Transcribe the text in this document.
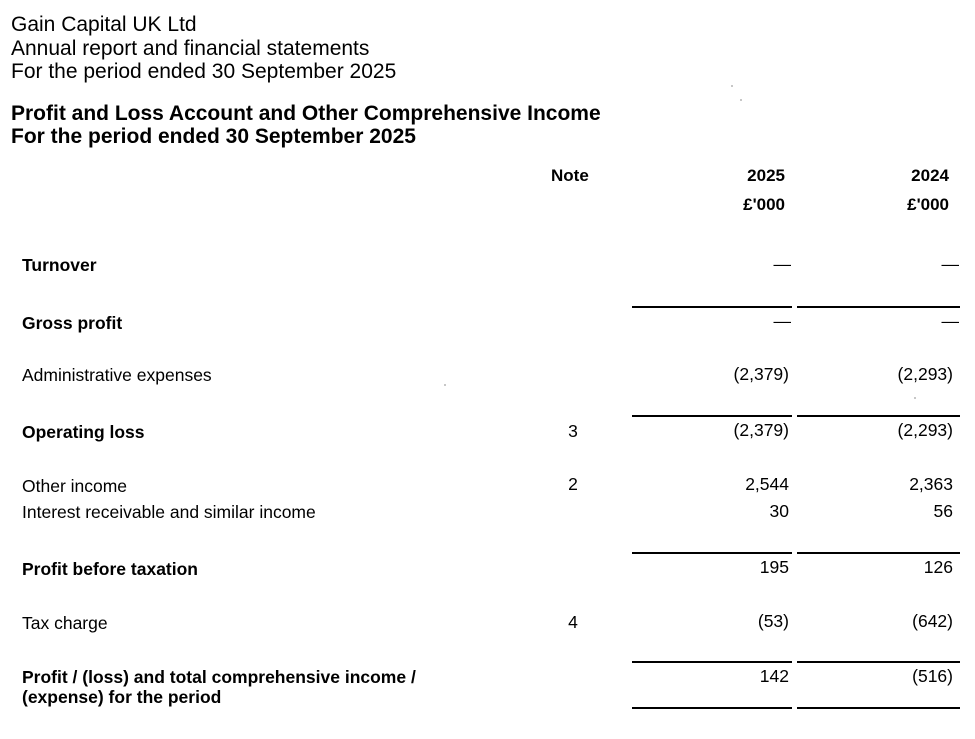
Gain Capital UK Ltd
Annual report and financial statements
For the period ended 30 September 2025
Profit and Loss Account and Other Comprehensive Income
For the period ended 30 September 2025
Note	2025	2024
£'000	£'000
Turnover	—	—
Gross profit	—	—
Administrative expenses	(2,379)	(2,293)
Operating loss	3	(2,379)	(2,293)
Other income	2	2,544	2,363
Interest receivable and similar income	30	56
Profit before taxation	195	126
Tax charge	4	(53)	(642)
Profit / (loss) and total comprehensive income /
(expense) for the period
142	(516)
